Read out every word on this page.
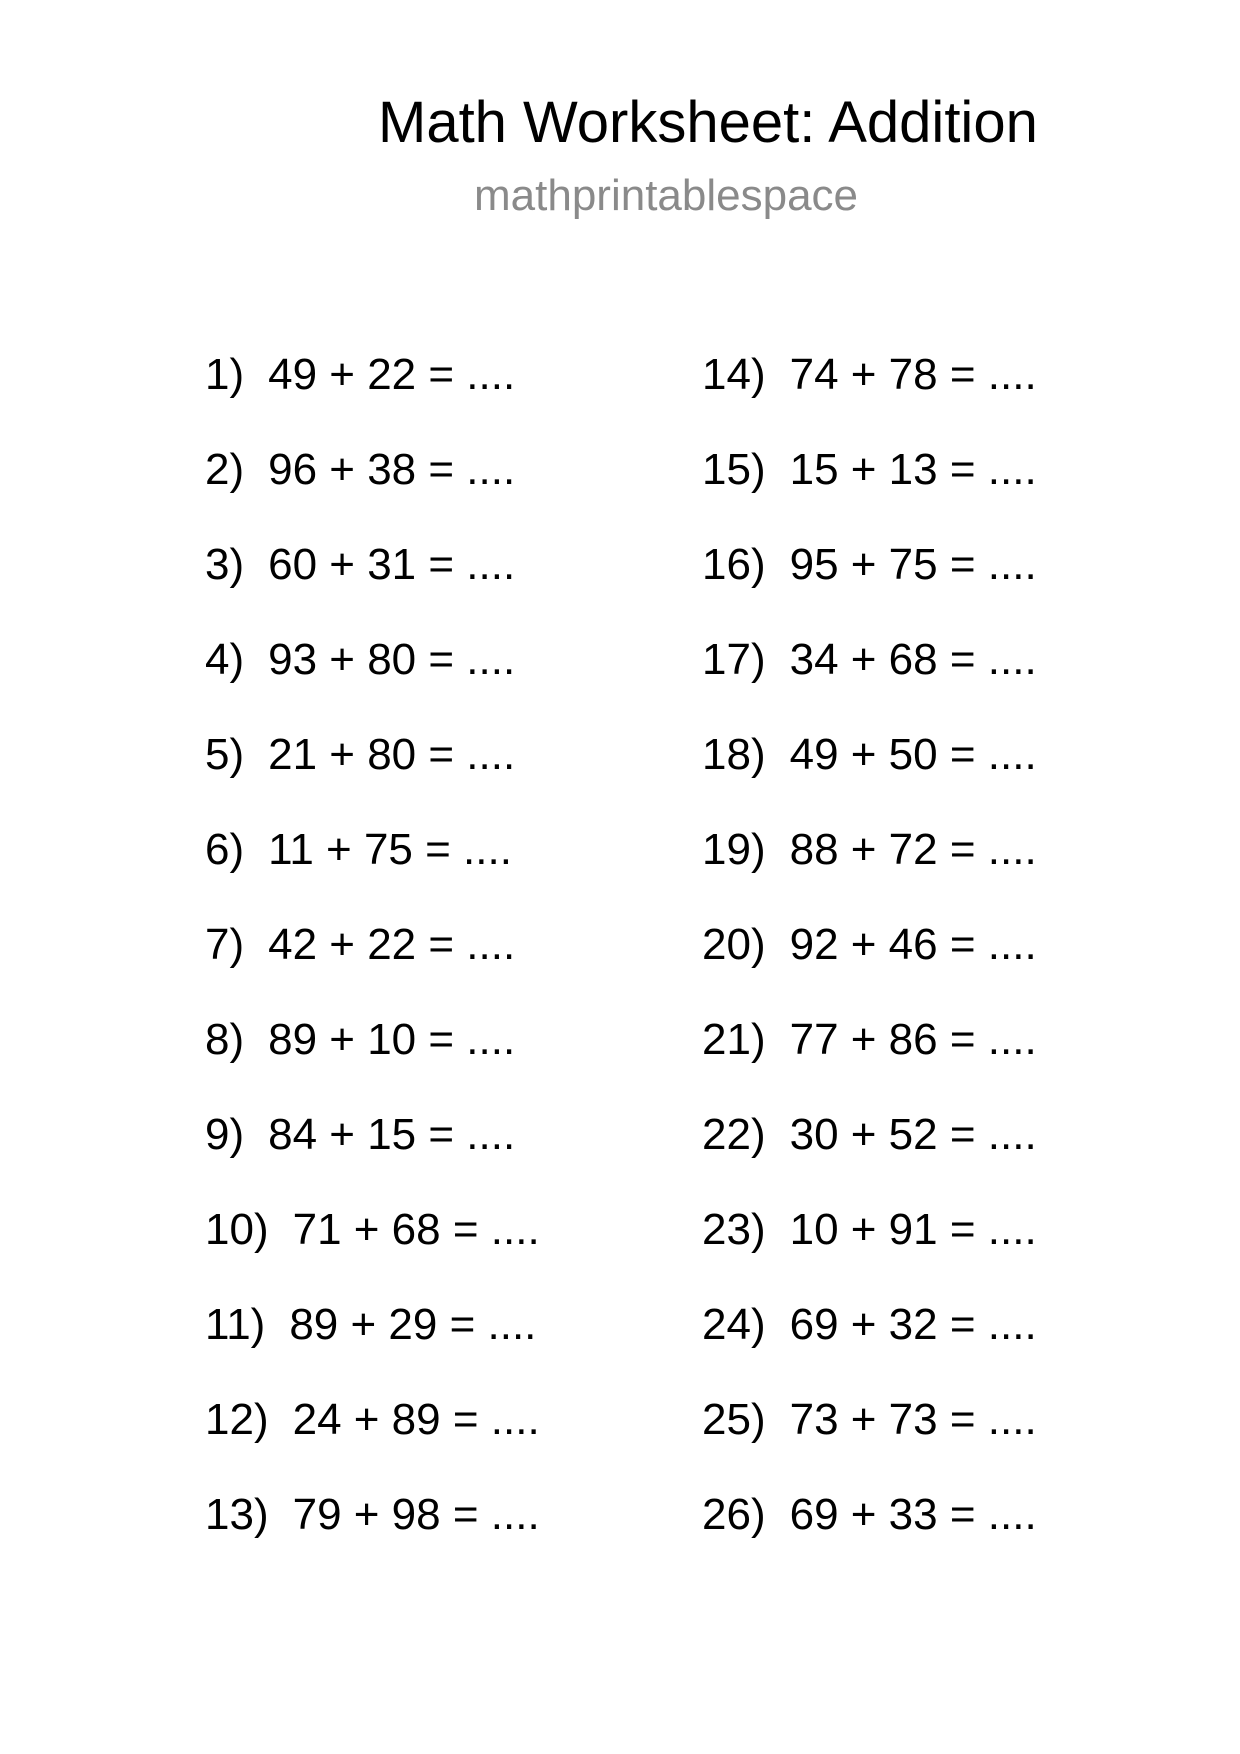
Math Worksheet: Addition
mathprintablespace
1) 49 + 22 = ....
2) 96 + 38 = ....
3) 60 + 31 = ....
4) 93 + 80 = ....
5) 21 + 80 = ....
6) 11 + 75 = ....
7) 42 + 22 = ....
8) 89 + 10 = ....
9) 84 + 15 = ....
10) 71 + 68 = ....
11) 89 + 29 = ....
12) 24 + 89 = ....
13) 79 + 98 = ....
14) 74 + 78 = ....
15) 15 + 13 = ....
16) 95 + 75 = ....
17) 34 + 68 = ....
18) 49 + 50 = ....
19) 88 + 72 = ....
20) 92 + 46 = ....
21) 77 + 86 = ....
22) 30 + 52 = ....
23) 10 + 91 = ....
24) 69 + 32 = ....
25) 73 + 73 = ....
26) 69 + 33 = ....
